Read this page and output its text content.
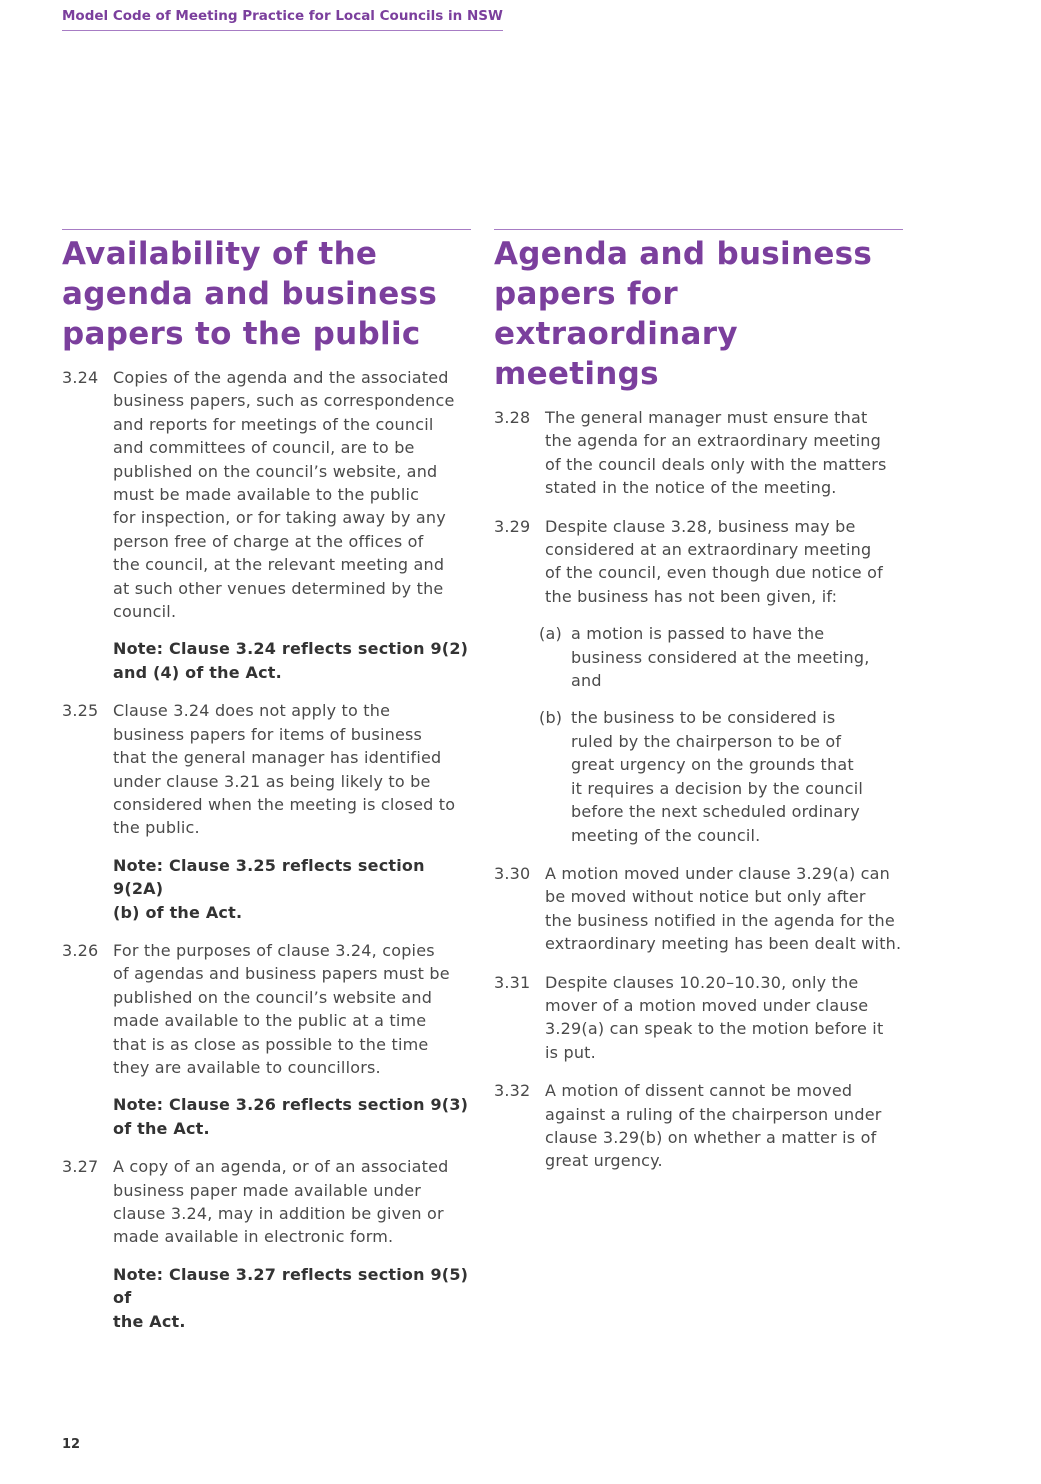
Model Code of Meeting Practice for Local Councils in NSW
Availability of the
agenda and business
papers to the public
3.24 Copies of the agenda and the associated
business papers, such as correspondence
and reports for meetings of the council
and committees of council, are to be
published on the council’s website, and
must be made available to the public
for inspection, or for taking away by any
person free of charge at the offices of
the council, at the relevant meeting and
at such other venues determined by the
council.

Note: Clause 3.24 reflects section 9(2)
and (4) of the Act.

3.25 Clause 3.24 does not apply to the
business papers for items of business
that the general manager has identified
under clause 3.21 as being likely to be
considered when the meeting is closed to
the public.

Note: Clause 3.25 reflects section 9(2A)
(b) of the Act.

3.26 For the purposes of clause 3.24, copies
of agendas and business papers must be
published on the council’s website and
made available to the public at a time
that is as close as possible to the time
they are available to councillors.

Note: Clause 3.26 reflects section 9(3)
of the Act.

3.27 A copy of an agenda, or of an associated
business paper made available under
clause 3.24, may in addition be given or
made available in electronic form.

Note: Clause 3.27 reflects section 9(5) of
the Act.

Agenda and business
papers for extraordinary
meetings
3.28 The general manager must ensure that
the agenda for an extraordinary meeting
of the council deals only with the matters
stated in the notice of the meeting.

3.29 Despite clause 3.28, business may be
considered at an extraordinary meeting
of the council, even though due notice of
the business has not been given, if:

(a) a motion is passed to have the
business considered at the meeting,
and
(b) the business to be considered is
ruled by the chairperson to be of
great urgency on the grounds that
it requires a decision by the council
before the next scheduled ordinary
meeting of the council.
3.30 A motion moved under clause 3.29(a) can
be moved without notice but only after
the business notified in the agenda for the
extraordinary meeting has been dealt with.

3.31 Despite clauses 10.20–10.30, only the
mover of a motion moved under clause
3.29(a) can speak to the motion before it
is put.

3.32 A motion of dissent cannot be moved
against a ruling of the chairperson under
clause 3.29(b) on whether a matter is of
great urgency.

12
